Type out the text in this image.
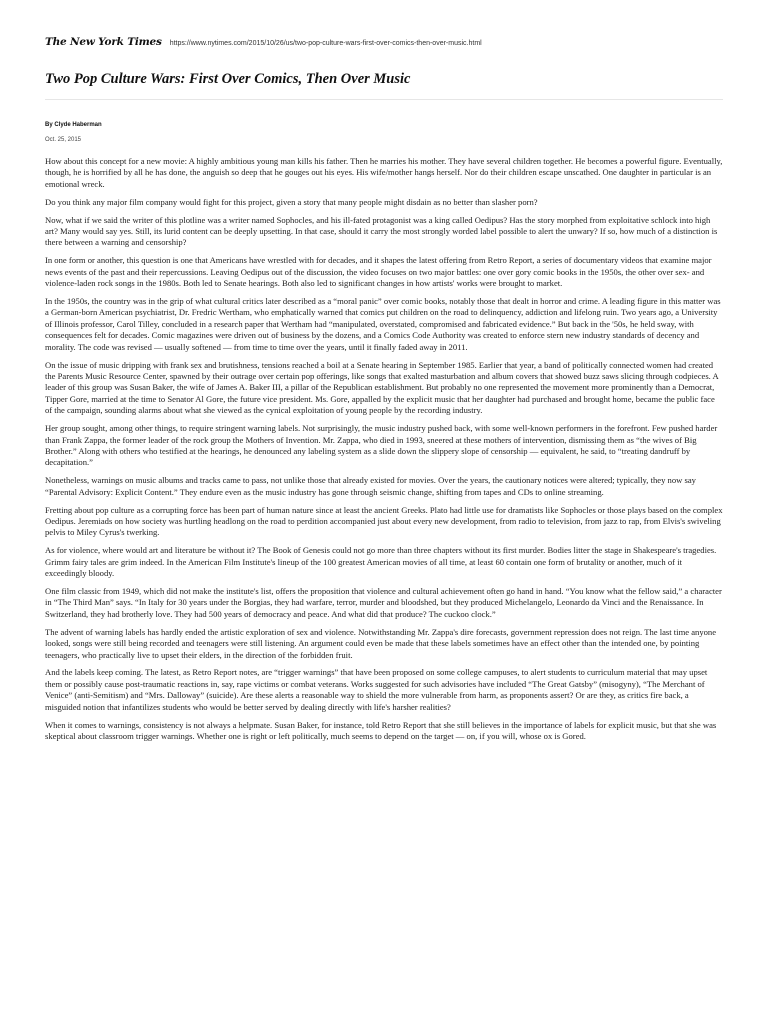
The New York Times https://www.nytimes.com/2015/10/26/us/two-pop-culture-wars-first-over-comics-then-over-music.html
Two Pop Culture Wars: First Over Comics, Then Over Music
By Clyde Haberman
Oct. 25, 2015

How about this concept for a new movie: A highly ambitious young man kills his father. Then he marries his mother. They have several children together. He becomes a powerful figure. Eventually, though, he is horrified by all he has done, the anguish so deep that he gouges out his eyes. His wife/mother hangs herself. Nor do their children escape unscathed. One daughter in particular is an emotional wreck.

Do you think any major film company would fight for this project, given a story that many people might disdain as no better than slasher porn?

Now, what if we said the writer of this plotline was a writer named Sophocles, and his ill-fated protagonist was a king called Oedipus? Has the story morphed from exploitative schlock into high art? Many would say yes. Still, its lurid content can be deeply upsetting. In that case, should it carry the most strongly worded label possible to alert the unwary? If so, how much of a distinction is there between a warning and censorship?

In one form or another, this question is one that Americans have wrestled with for decades, and it shapes the latest offering from Retro Report, a series of documentary videos that examine major news events of the past and their repercussions. Leaving Oedipus out of the discussion, the video focuses on two major battles: one over gory comic books in the 1950s, the other over sex- and violence-laden rock songs in the 1980s. Both led to Senate hearings. Both also led to significant changes in how artists' works were brought to market.

In the 1950s, the country was in the grip of what cultural critics later described as a “moral panic” over comic books, notably those that dealt in horror and crime. A leading figure in this matter was a German-born American psychiatrist, Dr. Fredric Wertham, who emphatically warned that comics put children on the road to delinquency, addiction and lifelong ruin. Two years ago, a University of Illinois professor, Carol Tilley, concluded in a research paper that Wertham had “manipulated, overstated, compromised and fabricated evidence.” But back in the '50s, he held sway, with consequences felt for decades. Comic magazines were driven out of business by the dozens, and a Comics Code Authority was created to enforce stern new industry standards of decency and morality. The code was revised — usually softened — from time to time over the years, until it finally faded away in 2011.

On the issue of music dripping with frank sex and brutishness, tensions reached a boil at a Senate hearing in September 1985. Earlier that year, a band of politically connected women had created the Parents Music Resource Center, spawned by their outrage over certain pop offerings, like songs that exalted masturbation and album covers that showed buzz saws slicing through codpieces. A leader of this group was Susan Baker, the wife of James A. Baker III, a pillar of the Republican establishment. But probably no one represented the movement more prominently than a Democrat, Tipper Gore, married at the time to Senator Al Gore, the future vice president. Ms. Gore, appalled by the explicit music that her daughter had purchased and brought home, became the public face of the campaign, sounding alarms about what she viewed as the cynical exploitation of young people by the recording industry.

Her group sought, among other things, to require stringent warning labels. Not surprisingly, the music industry pushed back, with some well-known performers in the forefront. Few pushed harder than Frank Zappa, the former leader of the rock group the Mothers of Invention. Mr. Zappa, who died in 1993, sneered at these mothers of intervention, dismissing them as “the wives of Big Brother.” Along with others who testified at the hearings, he denounced any labeling system as a slide down the slippery slope of censorship — equivalent, he said, to “treating dandruff by decapitation.”

Nonetheless, warnings on music albums and tracks came to pass, not unlike those that already existed for movies. Over the years, the cautionary notices were altered; typically, they now say “Parental Advisory: Explicit Content.” They endure even as the music industry has gone through seismic change, shifting from tapes and CDs to online streaming.

Fretting about pop culture as a corrupting force has been part of human nature since at least the ancient Greeks. Plato had little use for dramatists like Sophocles or those plays based on the complex Oedipus. Jeremiads on how society was hurtling headlong on the road to perdition accompanied just about every new development, from radio to television, from jazz to rap, from Elvis's swiveling pelvis to Miley Cyrus's twerking.

As for violence, where would art and literature be without it? The Book of Genesis could not go more than three chapters without its first murder. Bodies litter the stage in Shakespeare's tragedies. Grimm fairy tales are grim indeed. In the American Film Institute's lineup of the 100 greatest American movies of all time, at least 60 contain one form of brutality or another, much of it exceedingly bloody.

One film classic from 1949, which did not make the institute's list, offers the proposition that violence and cultural achievement often go hand in hand. “You know what the fellow said,” a character in “The Third Man” says. “In Italy for 30 years under the Borgias, they had warfare, terror, murder and bloodshed, but they produced Michelangelo, Leonardo da Vinci and the Renaissance. In Switzerland, they had brotherly love. They had 500 years of democracy and peace. And what did that produce? The cuckoo clock.”

The advent of warning labels has hardly ended the artistic exploration of sex and violence. Notwithstanding Mr. Zappa's dire forecasts, government repression does not reign. The last time anyone looked, songs were still being recorded and teenagers were still listening. An argument could even be made that these labels sometimes have an effect other than the intended one, by pointing teenagers, who practically live to upset their elders, in the direction of the forbidden fruit.

And the labels keep coming. The latest, as Retro Report notes, are “trigger warnings” that have been proposed on some college campuses, to alert students to curriculum material that may upset them or possibly cause post-traumatic reactions in, say, rape victims or combat veterans. Works suggested for such advisories have included “The Great Gatsby” (misogyny), “The Merchant of Venice” (anti-Semitism) and “Mrs. Dalloway” (suicide). Are these alerts a reasonable way to shield the more vulnerable from harm, as proponents assert? Or are they, as critics fire back, a misguided notion that infantilizes students who would be better served by dealing directly with life's harsher realities?

When it comes to warnings, consistency is not always a helpmate. Susan Baker, for instance, told Retro Report that she still believes in the importance of labels for explicit music, but that she was skeptical about classroom trigger warnings. Whether one is right or left politically, much seems to depend on the target — on, if you will, whose ox is Gored.
